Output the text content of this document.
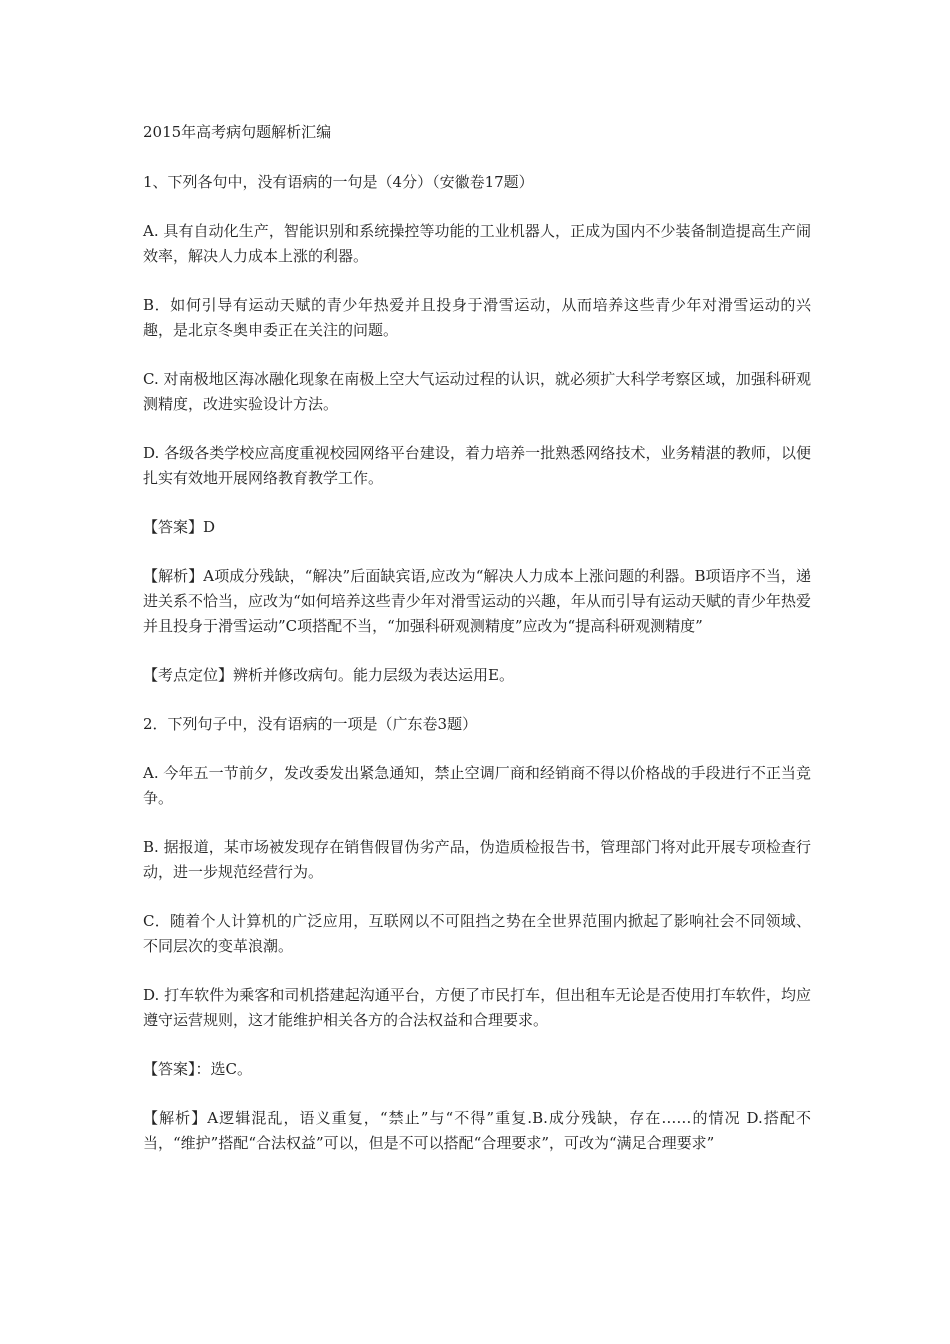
2015年高考病句题解析汇编

1、下列各句中，没有语病的一句是（4分）（安徽卷17题）

A. 具有自动化生产，智能识别和系统操控等功能的工业机器人，正成为国内不少装备制造提高生产闹效率，解决人力成本上涨的利器。

B．如何引导有运动天赋的青少年热爱并且投身于滑雪运动，从而培养这些青少年对滑雪运动的兴趣，是北京冬奥申委正在关注的问题。

C. 对南极地区海冰融化现象在南极上空大气运动过程的认识，就必须扩大科学考察区域，加强科研观测精度，改进实验设计方法。

D. 各级各类学校应高度重视校园网络平台建设，着力培养一批熟悉网络技术，业务精湛的教师，以便扎实有效地开展网络教育教学工作。

【答案】D

【解析】A项成分残缺，“解决”后面缺宾语,应改为“解决人力成本上涨问题的利器。B项语序不当，递进关系不恰当，应改为“如何培养这些青少年对滑雪运动的兴趣，年从而引导有运动天赋的青少年热爱并且投身于滑雪运动”C项搭配不当，“加强科研观测精度”应改为“提高科研观测精度”

【考点定位】辨析并修改病句。能力层级为表达运用E。

2．下列句子中，没有语病的一项是（广东卷3题）

A. 今年五一节前夕，发改委发出紧急通知，禁止空调厂商和经销商不得以价格战的手段进行不正当竞争。

B. 据报道，某市场被发现存在销售假冒伪劣产品，伪造质检报告书，管理部门将对此开展专项检查行动，进一步规范经营行为。

C．随着个人计算机的广泛应用，互联网以不可阻挡之势在全世界范围内掀起了影响社会不同领域、不同层次的变革浪潮。

D. 打车软件为乘客和司机搭建起沟通平台，方便了市民打车，但出租车无论是否使用打车软件，均应遵守运营规则，这才能维护相关各方的合法权益和合理要求。

【答案】：选C。

【解析】A逻辑混乱，语义重复，“禁止”与“不得”重复.B.成分残缺，存在……的情况 D.搭配不当，“维护”搭配“合法权益”可以，但是不可以搭配“合理要求”，可改为“满足合理要求”
